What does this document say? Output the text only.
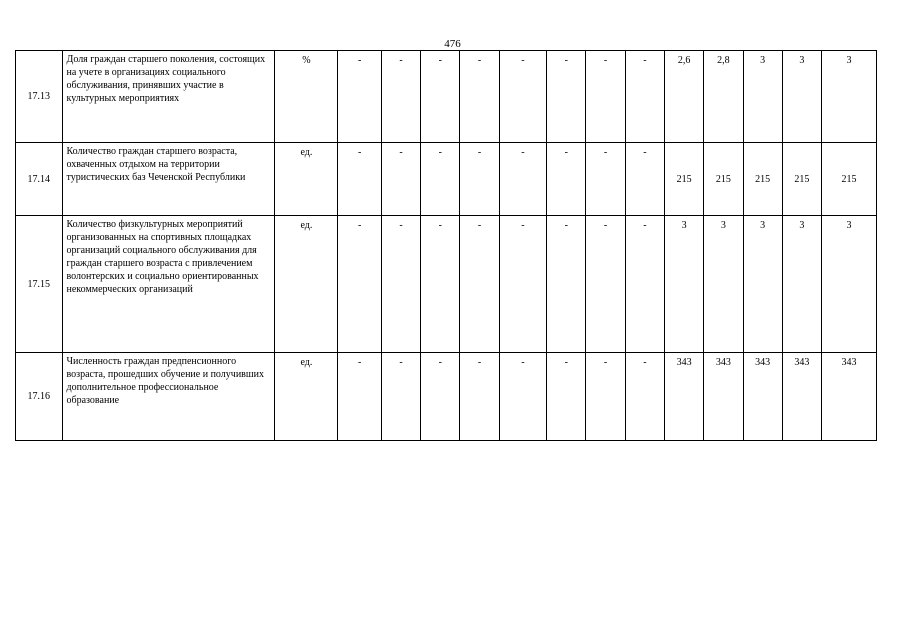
476
17.13	Доля граждан старшего поколения, состоящих на учете в организациях социального обслуживания, принявших участие в культурных мероприятиях	%	-	-	-	-	-	-	-	-	2,6	2,8	3	3	3
17.14	Количество граждан старшего возраста, охваченных отдыхом на территории туристических баз Чеченской Республики	ед.	-	-	-	-	-	-	-	-	215	215	215	215	215
17.15	Количество физкультурных мероприятий организованных на спортивных площадках организаций социального обслуживания для граждан старшего возраста с привлечением волонтерских и социально ориентированных некоммерческих организаций	ед.	-	-	-	-	-	-	-	-	3	3	3	3	3
17.16	Численность граждан предпенсионного возраста, прошедших обучение и получивших дополнительное профессиональное образование	ед.	-	-	-	-	-	-	-	-	343	343	343	343	343
